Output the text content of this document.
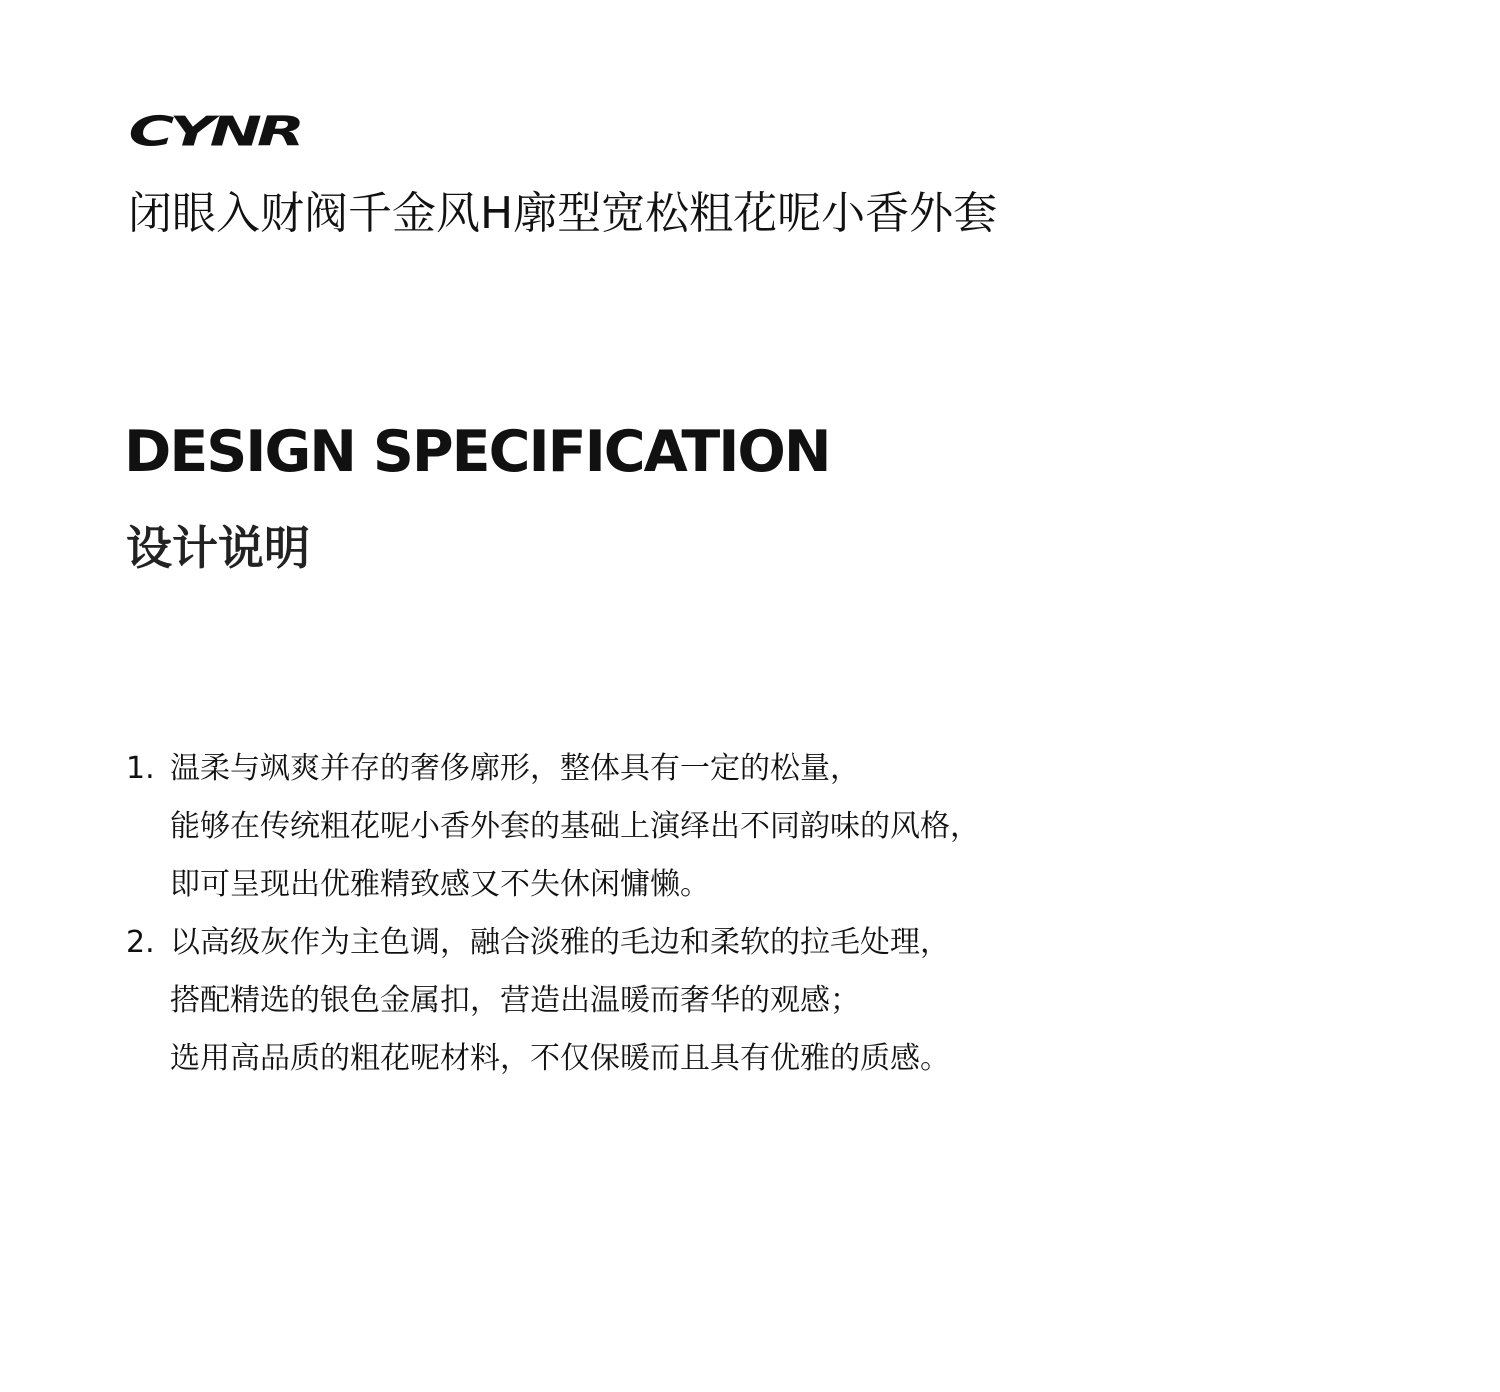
CYNR
闭眼入财阀千金风H廓型宽松粗花呢小香外套
DESIGN SPECIFICATION
设计说明
1. 温柔与飒爽并存的奢侈廓形，整体具有一定的松量，
能够在传统粗花呢小香外套的基础上演绎出不同韵味的风格，
即可呈现出优雅精致感又不失休闲慵懒。
2. 以高级灰作为主色调，融合淡雅的毛边和柔软的拉毛处理，
搭配精选的银色金属扣，营造出温暖而奢华的观感；
选用高品质的粗花呢材料，不仅保暖而且具有优雅的质感。
